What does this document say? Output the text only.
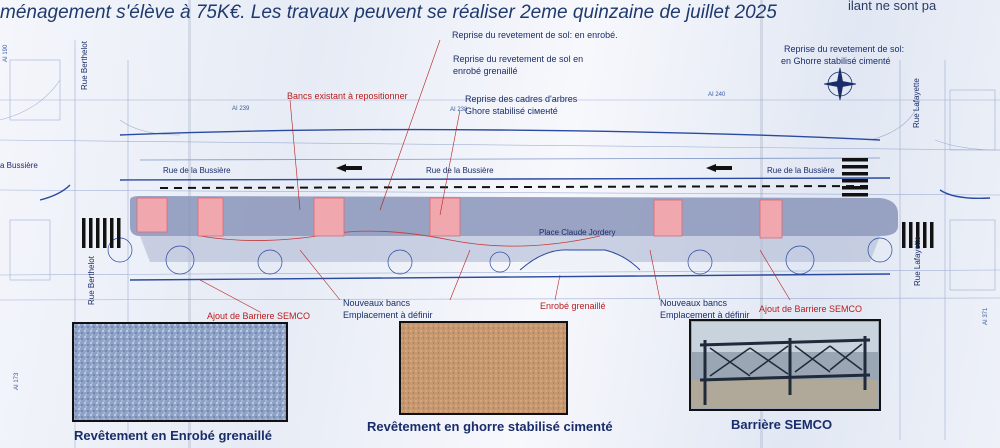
ménagement s'élève à 75K€. Les travaux peuvent se réaliser 2eme quinzaine de juillet 2025	ilant ne sont pa
a Bussière
Rue de la Bussière	Rue de la Bussière	Rue de la Bussière
Rue Berthelot
Rue Berthelot
Rue Lafayette
Rue Lafayette
Place Claude Jordery
AI 239
AI 240
AI 238
AI 190
AI 173
AI 371
Reprise du revetement de sol: en enrobé.
Reprise du revetement de sol en
enrobé grenaillé
Bancs existant à repositionner	Reprise des cadres d'arbres
Ghore stabilisé ciменté
Reprise du revetement de sol:
en Ghorre stabilisé cimenté
Nouveaux bancs
Emplacement à définir
Ajout de Barriere SEMCO
Enrobé grenaillé	Nouveaux bancs
Emplacement à définir
Ajout de Barriere SEMCO
Revêtement en Enrobé grenaillé
Revêtement en ghorre stabilisé cimenté	Barrière SEMCO
